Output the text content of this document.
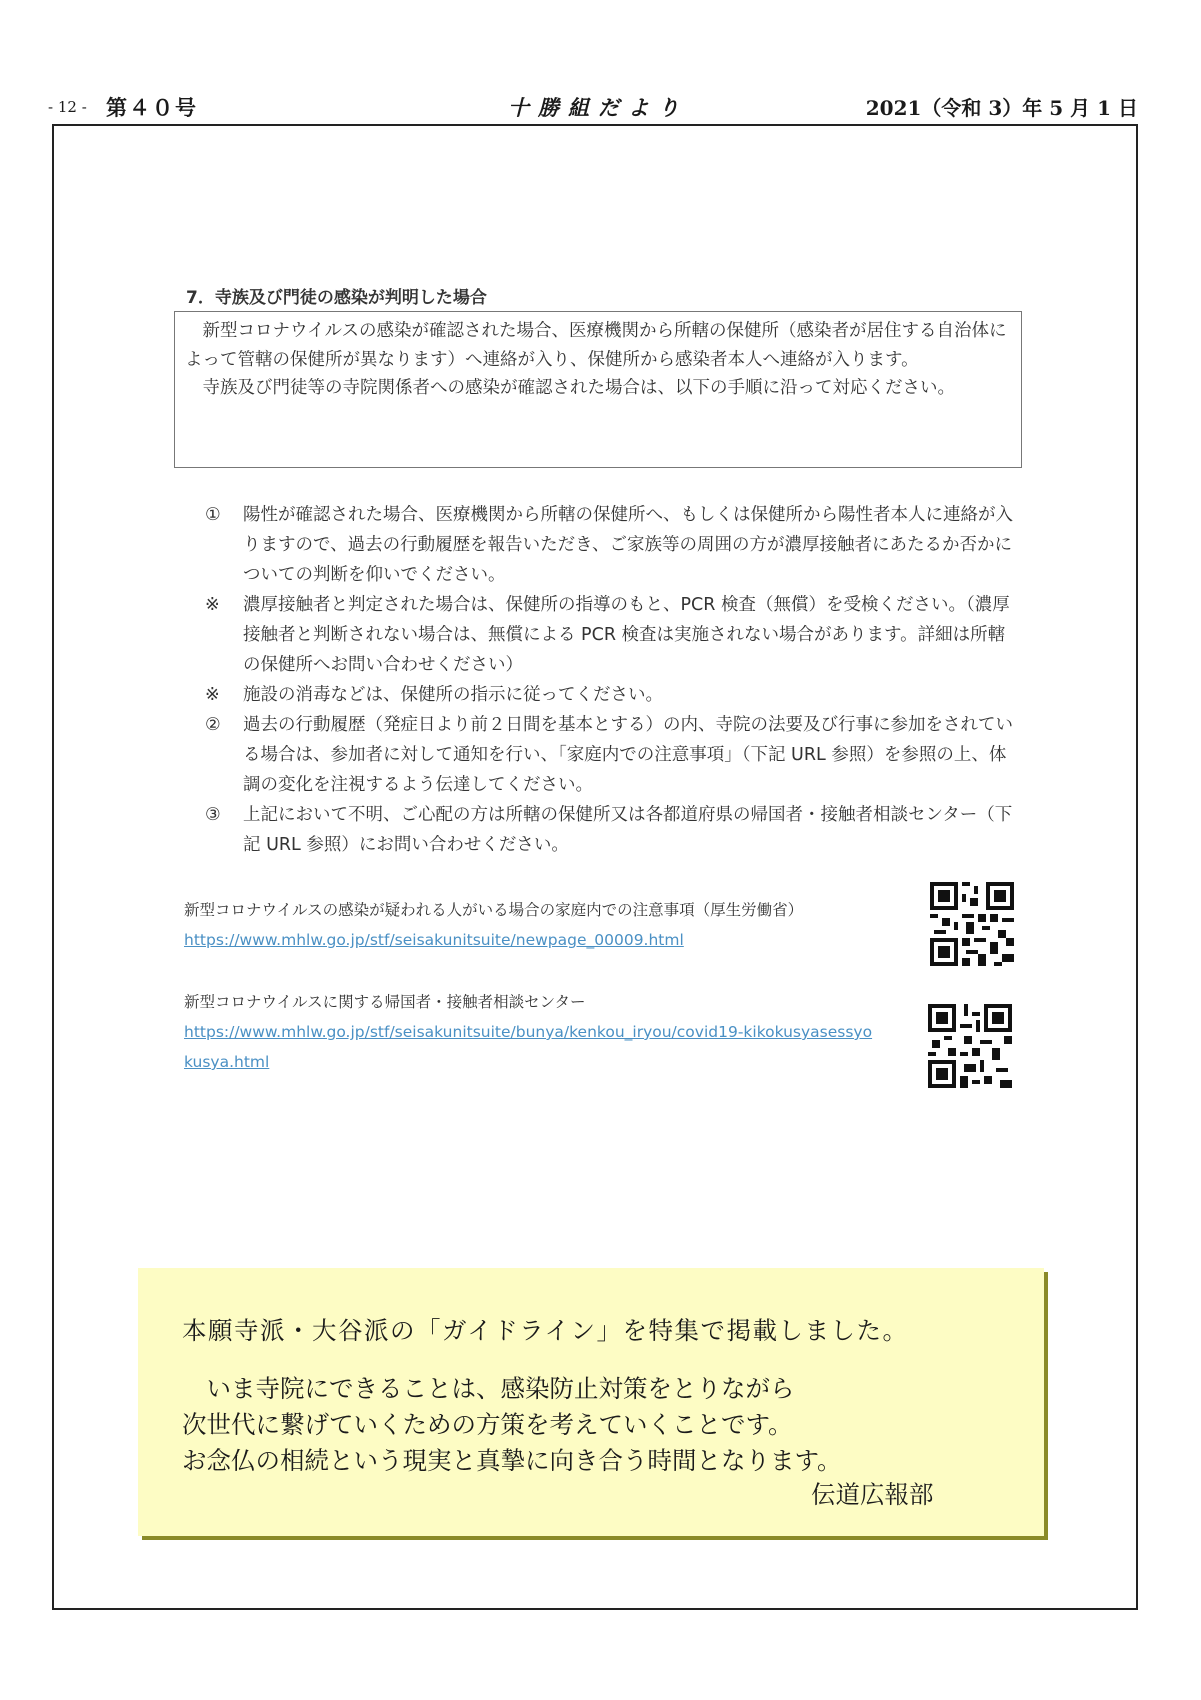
- 12 - 第４０号	十勝組だより	2021（令和 3）年 5 月 1 日
7．寺族及び門徒の感染が判明した場合

新型コロナウイルスの感染が確認された場合、医療機関から所轄の保健所（感染者が居住する自治体によって管轄の保健所が異なります）へ連絡が入り、保健所から感染者本人へ連絡が入ります。

寺族及び門徒等の寺院関係者への感染が確認された場合は、以下の手順に沿って対応ください。

①	陽性が確認された場合、医療機関から所轄の保健所へ、もしくは保健所から陽性者本人に連絡が入りますので、過去の行動履歴を報告いただき、ご家族等の周囲の方が濃厚接触者にあたるか否かについての判断を仰いでください。
※	濃厚接触者と判定された場合は、保健所の指導のもと、PCR 検査（無償）を受検ください。（濃厚接触者と判断されない場合は、無償による PCR 検査は実施されない場合があります。詳細は所轄の保健所へお問い合わせください）
※	施設の消毒などは、保健所の指示に従ってください。
②	過去の行動履歴（発症日より前２日間を基本とする）の内、寺院の法要及び行事に参加をされている場合は、参加者に対して通知を行い、「家庭内での注意事項」（下記 URL 参照）を参照の上、体調の変化を注視するよう伝達してください。
③	上記において不明、ご心配の方は所轄の保健所又は各都道府県の帰国者・接触者相談センター（下記 URL 参照）にお問い合わせください。
新型コロナウイルスの感染が疑われる人がいる場合の家庭内での注意事項（厚生労働省）
https://www.mhlw.go.jp/stf/seisakunitsuite/newpage_00009.html
新型コロナウイルスに関する帰国者・接触者相談センター
https://www.mhlw.go.jp/stf/seisakunitsuite/bunya/kenkou_iryou/covid19-kikokusyasessyokusya.html
本願寺派・大谷派の「ガイドライン」を特集で掲載しました。
　いま寺院にできることは、感染防止対策をとりながら
次世代に繋げていくための方策を考えていくことです。
お念仏の相続という現実と真摯に向き合う時間となります。
伝道広報部
